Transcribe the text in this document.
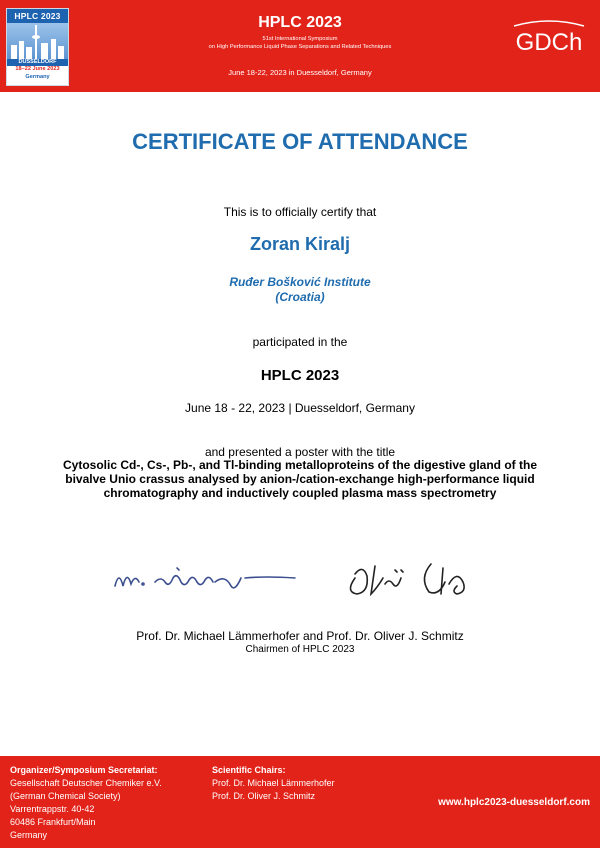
HPLC 2023
DÜSSELDORF
18–22 June 2023
Germany
HPLC 2023
51st International Symposium
on High Performance Liquid Phase Separations and Related Techniques
June 18-22, 2023 in Duesseldorf, Germany
GDCh
CERTIFICATE OF ATTENDANCE
This is to officially certify that
Zoran Kiralj
Ruđer Bošković Institute
(Croatia)
participated in the
HPLC 2023
June 18 - 22, 2023 | Duesseldorf, Germany
and presented a poster with the title
Cytosolic Cd-, Cs-, Pb-, and Tl-binding metalloproteins of the digestive gland of the bivalve Unio crassus analysed by anion-/cation-exchange high-performance liquid chromatography and inductively coupled plasma mass spectrometry
Prof. Dr. Michael Lämmerhofer and Prof. Dr. Oliver J. Schmitz
Chairmen of HPLC 2023
Organizer/Symposium Secretariat:
Gesellschaft Deutscher Chemiker e.V.
(German Chemical Society)
Varrentrappstr. 40-42
60486 Frankfurt/Main
Germany
Scientific Chairs:
Prof. Dr. Michael Lämmerhofer
Prof. Dr. Oliver J. Schmitz
www.hplc2023-duesseldorf.com
